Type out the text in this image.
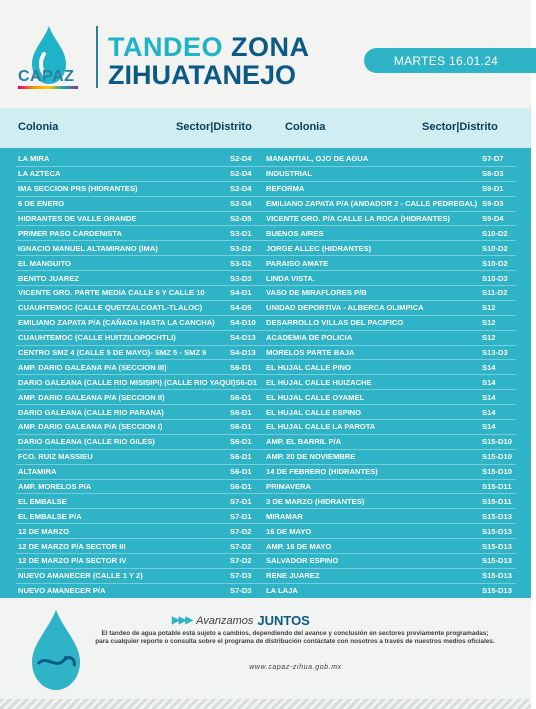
CAPAZ
TANDEO ZONA
ZIHUATANEJO	MARTES 16.01.24
Colonia	Sector|Distrito	Colonia	Sector|Distrito
LA MIRA	S2-D4
LA AZTECA	S2-D4
IMA SECCION PRS (HIDRANTES)	S2-D4
6 DE ENERO	S2-D4
HIDRANTES DE VALLE GRANDE	S2-D5
PRIMER PASO CARDENISTA	S3-D1
IGNACIO MANUEL ALTAMIRANO (IMA)	S3-D2
EL MANGUITO	S3-D2
BENITO JUAREZ	S3-D3
VICENTE GRO. PARTE MEDIA CALLE 6 Y CALLE 10	S4-D1
CUAUHTEMOC (CALLE QUETZALCOATL-TLALOC)	S4-D5
EMILIANO ZAPATA P/A (CAÑADA HASTA LA CANCHA)	S4-D10
CUAUHTEMOC (CALLE HUITZILOPOCHTLI)	S4-D13
CENTRO SMZ 4 (CALLE 5 DE MAYO)- SMZ 5 - SMZ 9	S4-D13
AMP. DARIO GALEANA P/A (SECCION III)	S6-D1
DARIO GALEANA (CALLE RIO MISISIPI) (CALLE RIO YAQUI) S6-D1
AMP. DARIO GALEANA P/A (SECCION II)	S6-D1
DARIO GALEANA (CALLE RIO PARANA)	S6-D1
AMP. DARIO GALEANA P/A (SECCION I)	S6-D1
DARIO GALEANA (CALLE RIO GILES)	S6-D1
FCO. RUIZ MASSIEU	S6-D1
ALTAMIRA	S6-D1
AMP. MORELOS P/A	S6-D1
EL EMBALSE	S7-D1
EL EMBALSE P/A	S7-D1
12 DE MARZO	S7-D2
12 DE MARZO P/A SECTOR III	S7-D2
12 DE MARZO P/A SECTOR IV	S7-D2
NUEVO AMANECER (CALLE 1 Y 2)	S7-D3
NUEVO AMANECER P/A	S7-D3
MANANTIAL, OJO DE AGUA	S7-D7
INDUSTRIAL	S8-D3
REFORMA	S9-D1
EMILIANO ZAPATA P/A (ANDADOR 2 - CALLE PEDREGAL) S9-D3
VICENTE GRO. P/A CALLE LA ROCA (HIDRANTES)	S9-D4
BUENOS AIRES	S10-D2
JORGE ALLEC (HIDRANTES)	S10-D2
PARAISO AMATE	S10-D2
LINDA VISTA.	S10-D3
VASO DE MIRAFLORES P/B	S11-D2
UNIDAD DEPORTIVA - ALBERCA OLIMPICA	S12
DESARROLLO VILLAS DEL PACIFICO	S12
ACADEMIA DE POLICIA	S12
MORELOS PARTE BAJA	S13-D3
EL HUJAL CALLE PINO	S14
EL HUJAL CALLE HUIZACHE	S14
EL HUJAL CALLE OYAMEL	S14
EL HUJAL CALLE ESPINO	S14
EL HUJAL CALLE LA PAROTA	S14
AMP. EL BARRIL P/A	S15-D10
AMP. 20 DE NOVIEMBRE	S15-D10
14 DE FEBRERO (HIDRANTES)	S15-D10
PRIMAVERA	S15-D11
3 DE MARZO (HIDRANTES)	S15-D11
MIRAMAR	S15-D13
16 DE MAYO	S15-D13
AMP. 16 DE MAYO	S15-D13
SALVADOR ESPINO	S15-D13
RENE JUAREZ	S15-D13
LA LAJA	S15-D13
▶▶▶ Avanzamos JUNTOS
El tandeo de agua potable está sujeto a cambios, dependiendo del avance y conclusión en sectores previamente programadas; para cualquier reporte o consulta sobre el programa de distribución contáctate con nosotros a través de nuestros medios oficiales.
www.capaz-zihua.gob.mx
